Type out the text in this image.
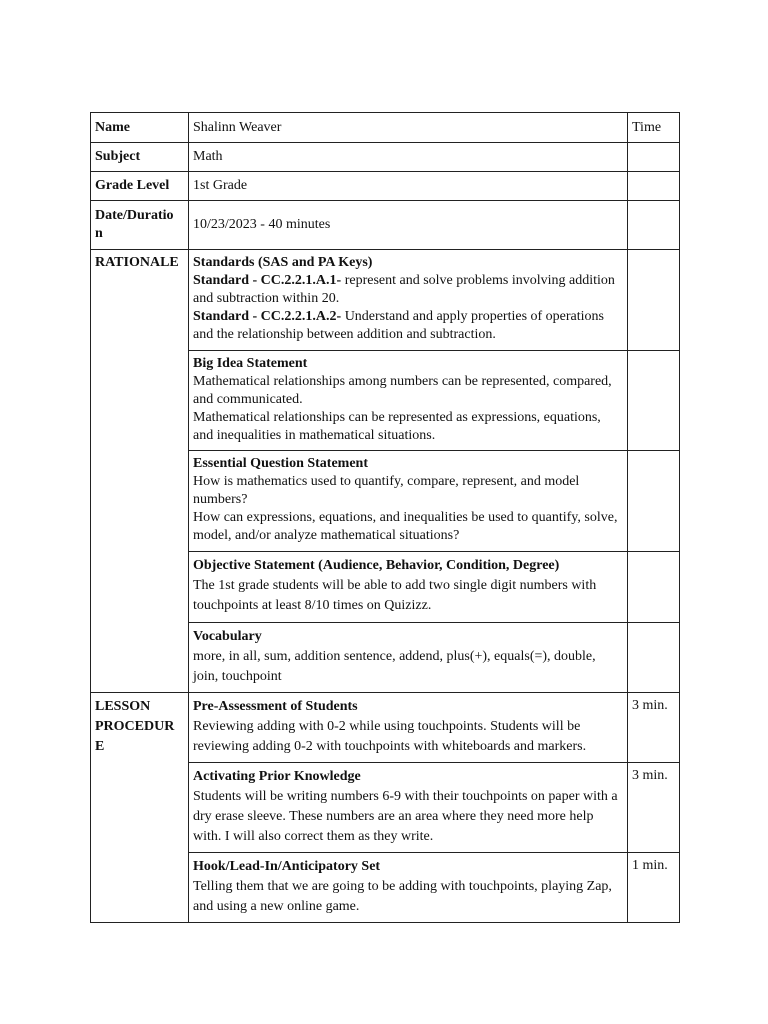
Name	Shalinn Weaver	Time
Subject	Math	
Grade Level	1st Grade	

Date/Duratio
n	10/23/2023 - 40 minutes	
RATIONALE	Standards (SAS and PA Keys)
Standard - CC.2.2.1.A.1- represent and solve problems involving addition and subtraction within 20.
Standard - CC.2.2.1.A.2- Understand and apply properties of operations and the relationship between addition and subtraction.	

	Big Idea Statement
Mathematical relationships among numbers can be represented, compared, and communicated.
Mathematical relationships can be represented as expressions, equations, and inequalities in mathematical situations.	

	Essential Question Statement
How is mathematics used to quantify, compare, represent, and model numbers?
How can expressions, equations, and inequalities be used to quantify, solve, model, and/or analyze mathematical situations?	

	Objective Statement (Audience, Behavior, Condition, Degree)
The 1st grade students will be able to add two single digit numbers with touchpoints at least 8/10 times on Quizizz.	

	Vocabulary
more, in all, sum, addition sentence, addend, plus(+), equals(=), double, join, touchpoint	

LESSON
PROCEDUR
E	Pre-Assessment of Students
Reviewing adding with 0-2 while using touchpoints. Students will be reviewing adding 0-2 with touchpoints with whiteboards and markers.	3 min.

	Activating Prior Knowledge
Students will be writing numbers 6-9 with their touchpoints on paper with a dry erase sleeve. These numbers are an area where they need more help with. I will also correct them as they write.	3 min.

	Hook/Lead-In/Anticipatory Set
Telling them that we are going to be adding with touchpoints, playing Zap, and using a new online game.	1 min.
